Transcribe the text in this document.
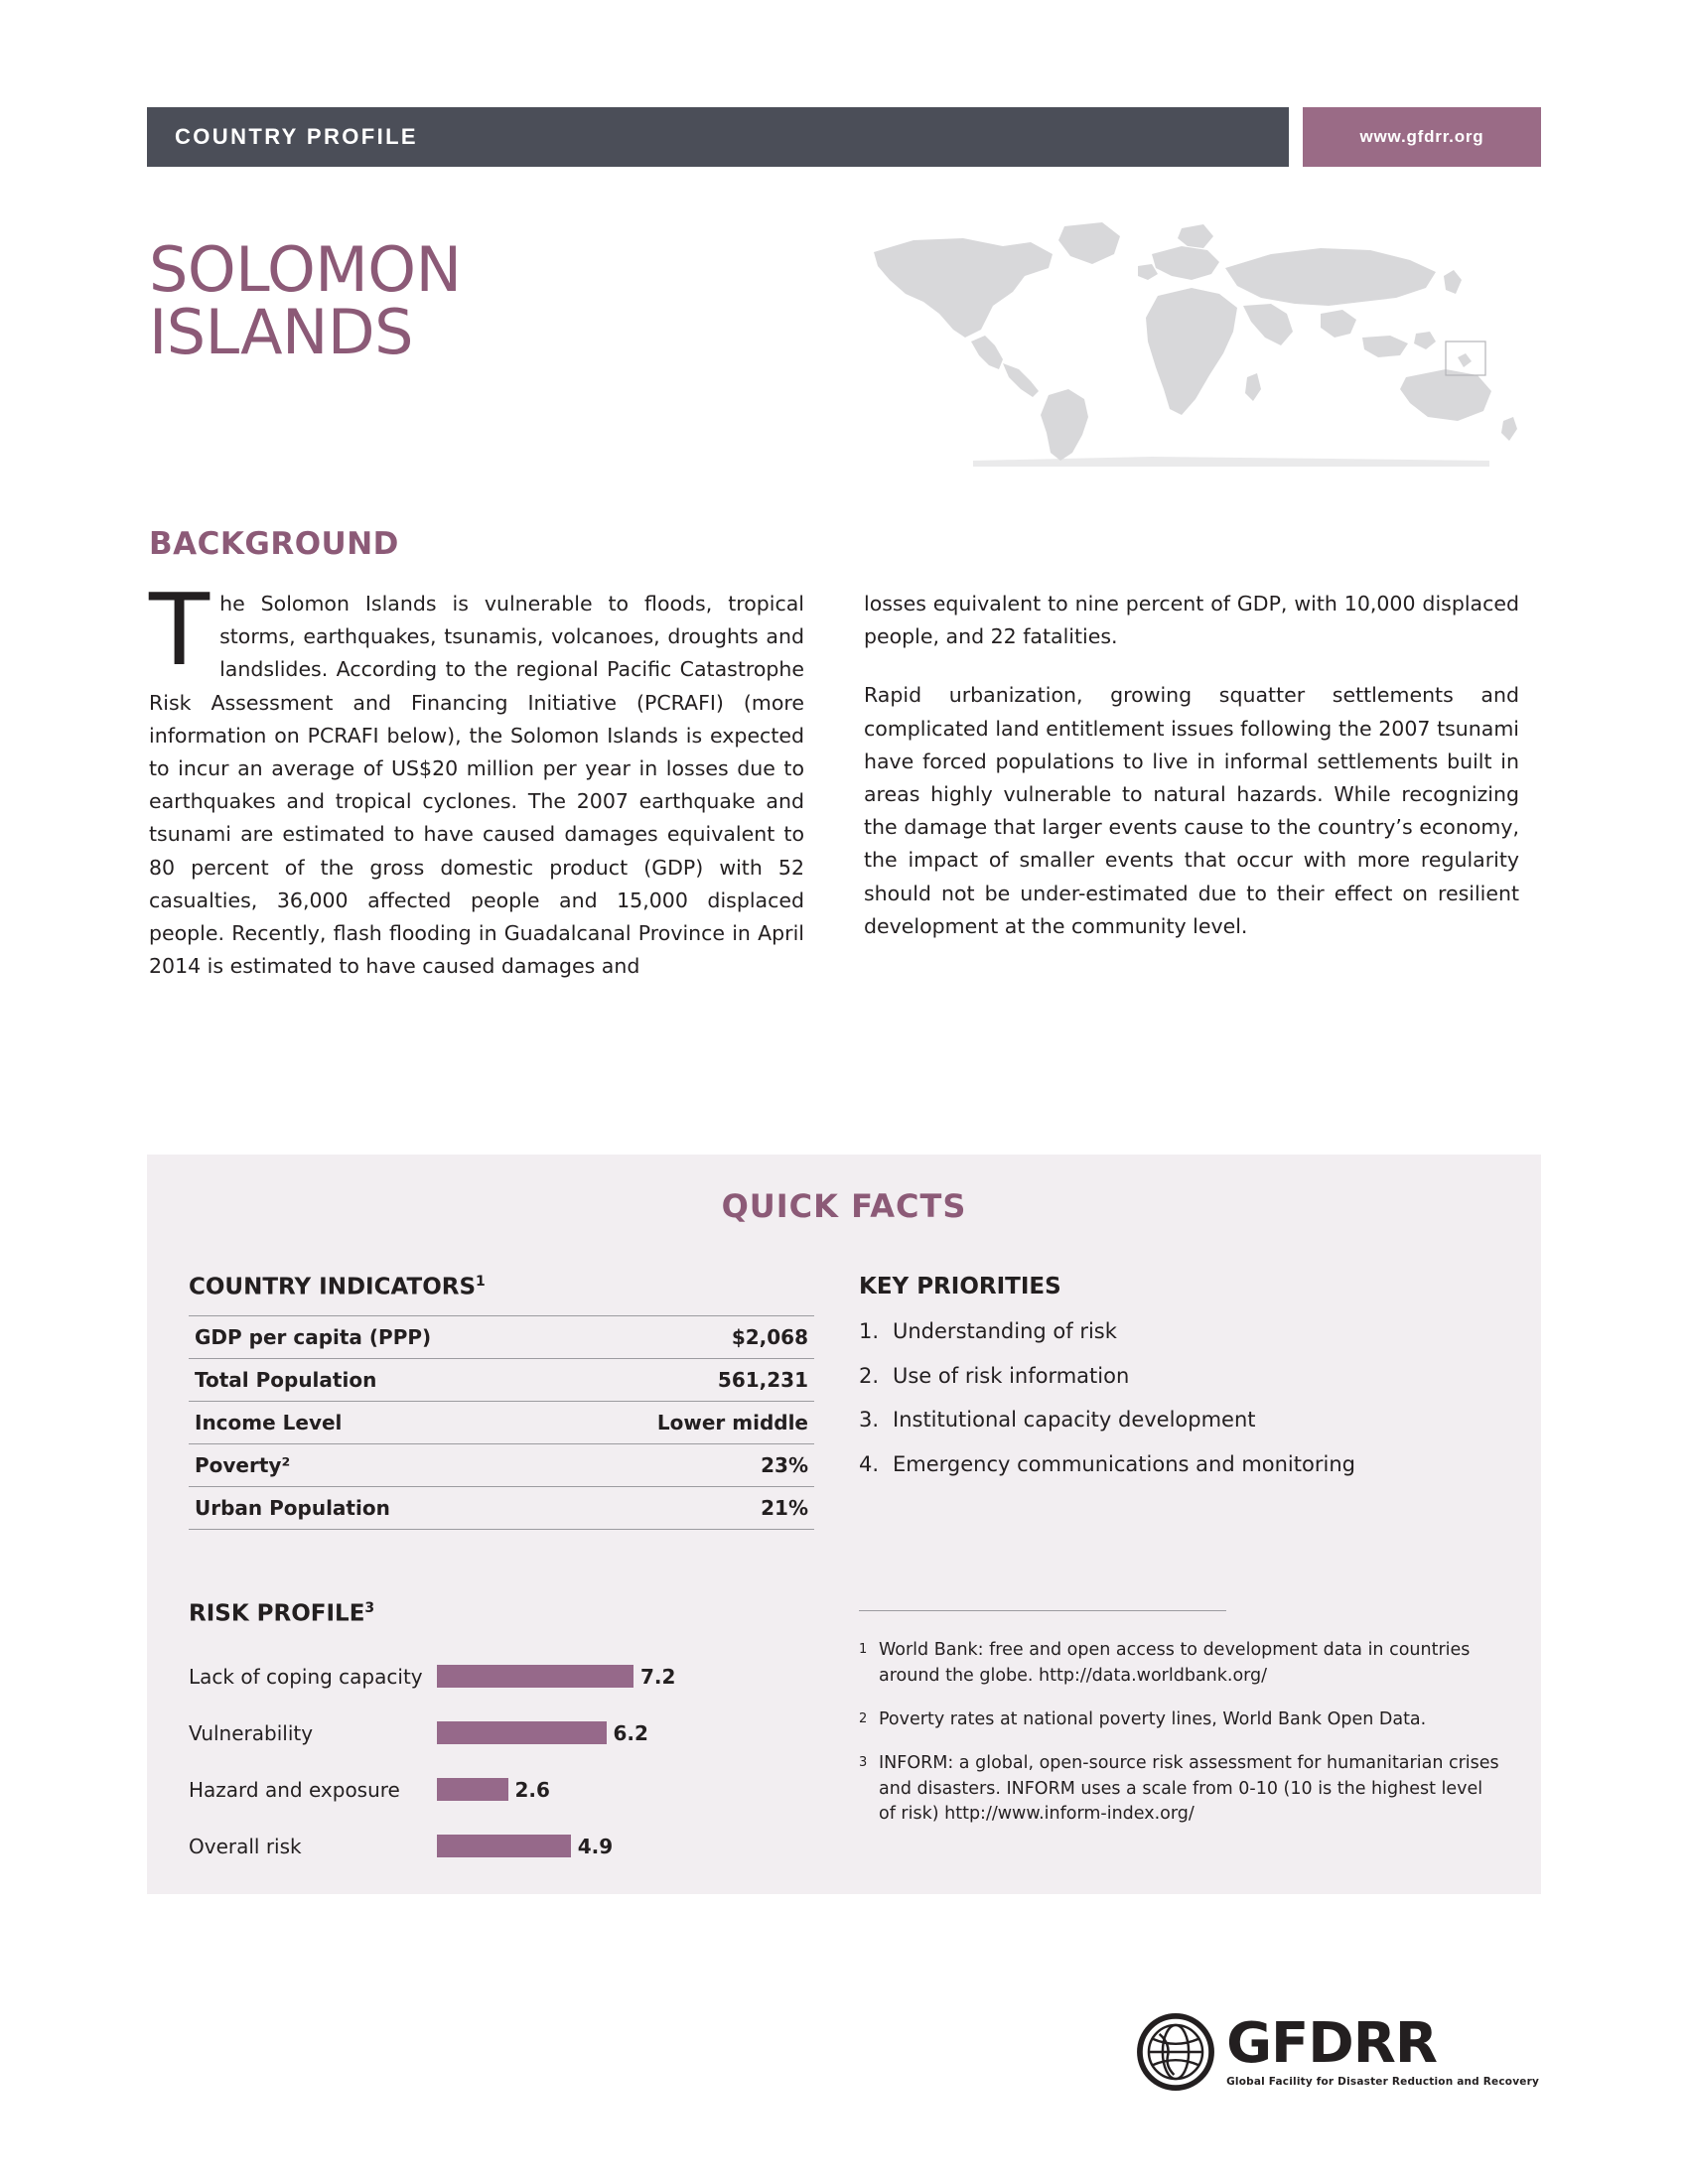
COUNTRY PROFILE	www.gfdrr.org
SOLOMON
ISLANDS
BACKGROUND

The Solomon Islands is vulnerable to floods, tropical storms, earthquakes, tsunamis, volcanoes, droughts and landslides. According to the regional Pacific Catastrophe Risk Assessment and Financing Initiative (PCRAFI) (more information on PCRAFI below), the Solomon Islands is expected to incur an average of US$20 million per year in losses due to earthquakes and tropical cyclones. The 2007 earthquake and tsunami are estimated to have caused damages equivalent to 80 percent of the gross domestic product (GDP) with 52 casualties, 36,000 affected people and 15,000 displaced people. Recently, flash flooding in Guadalcanal Province in April 2014 is estimated to have caused damages and

losses equivalent to nine percent of GDP, with 10,000 displaced people, and 22 fatalities.

Rapid urbanization, growing squatter settlements and complicated land entitlement issues following the 2007 tsunami have forced populations to live in informal settlements built in areas highly vulnerable to natural hazards. While recognizing the damage that larger events cause to the country’s economy, the impact of smaller events that occur with more regularity should not be under-estimated due to their effect on resilient development at the community level.

QUICK FACTS
COUNTRY INDICATORS$^1$
GDP per capita (PPP)	$2,068
Total Population	561,231
Income Level	Lower middle
Poverty²	23%
Urban Population	21%
KEY PRIORITIES
1. Understanding of risk
2. Use of risk information
3. Institutional capacity development
4. Emergency communications and monitoring
RISK PROFILE$^3$
Lack of coping capacity	7.2
Vulnerability	6.2
Hazard and exposure	2.6
Overall risk	4.9
1 World Bank: free and open access to development data in countries around the globe. http://data.worldbank.org/
2 Poverty rates at national poverty lines, World Bank Open Data.
3 INFORM: a global, open-source risk assessment for humanitarian crises and disasters. INFORM uses a scale from 0-10 (10 is the highest level of risk) http://www.inform-index.org/
GFDRR
Global Facility for Disaster Reduction and Recovery
